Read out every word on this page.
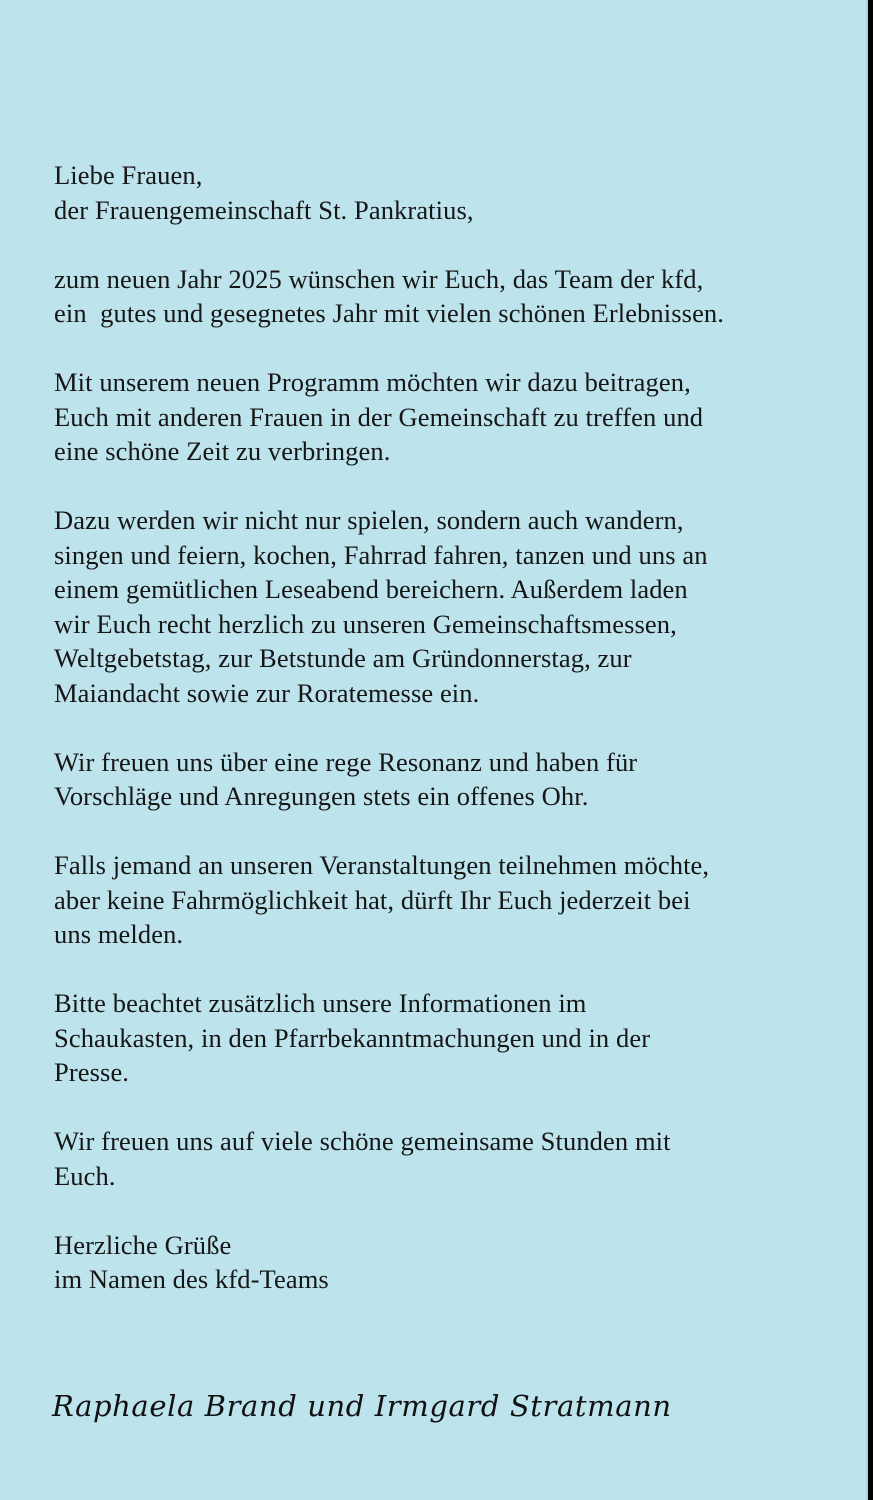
Liebe Frauen,
der Frauengemeinschaft St. Pankratius,
zum neuen Jahr 2025 wünschen wir Euch, das Team der kfd,
ein  gutes und gesegnetes Jahr mit vielen schönen Erlebnissen.
Mit unserem neuen Programm möchten wir dazu beitragen,
Euch mit anderen Frauen in der Gemeinschaft zu treffen und
eine schöne Zeit zu verbringen.
Dazu werden wir nicht nur spielen, sondern auch wandern,
singen und feiern, kochen, Fahrrad fahren, tanzen und uns an
einem gemütlichen Leseabend bereichern. Außerdem laden
wir Euch recht herzlich zu unseren Gemeinschaftsmessen,
Weltgebetstag, zur Betstunde am Gründonnerstag, zur
Maiandacht sowie zur Roratemesse ein.
Wir freuen uns über eine rege Resonanz und haben für
Vorschläge und Anregungen stets ein offenes Ohr.
Falls jemand an unseren Veranstaltungen teilnehmen möchte,
aber keine Fahrmöglichkeit hat, dürft Ihr Euch jederzeit bei
uns melden.
Bitte beachtet zusätzlich unsere Informationen im
Schaukasten, in den Pfarrbekanntmachungen und in der
Presse.
Wir freuen uns auf viele schöne gemeinsame Stunden mit
Euch.
Herzliche Grüße
im Namen des kfd-Teams
Raphaela Brand und Irmgard Stratmann
